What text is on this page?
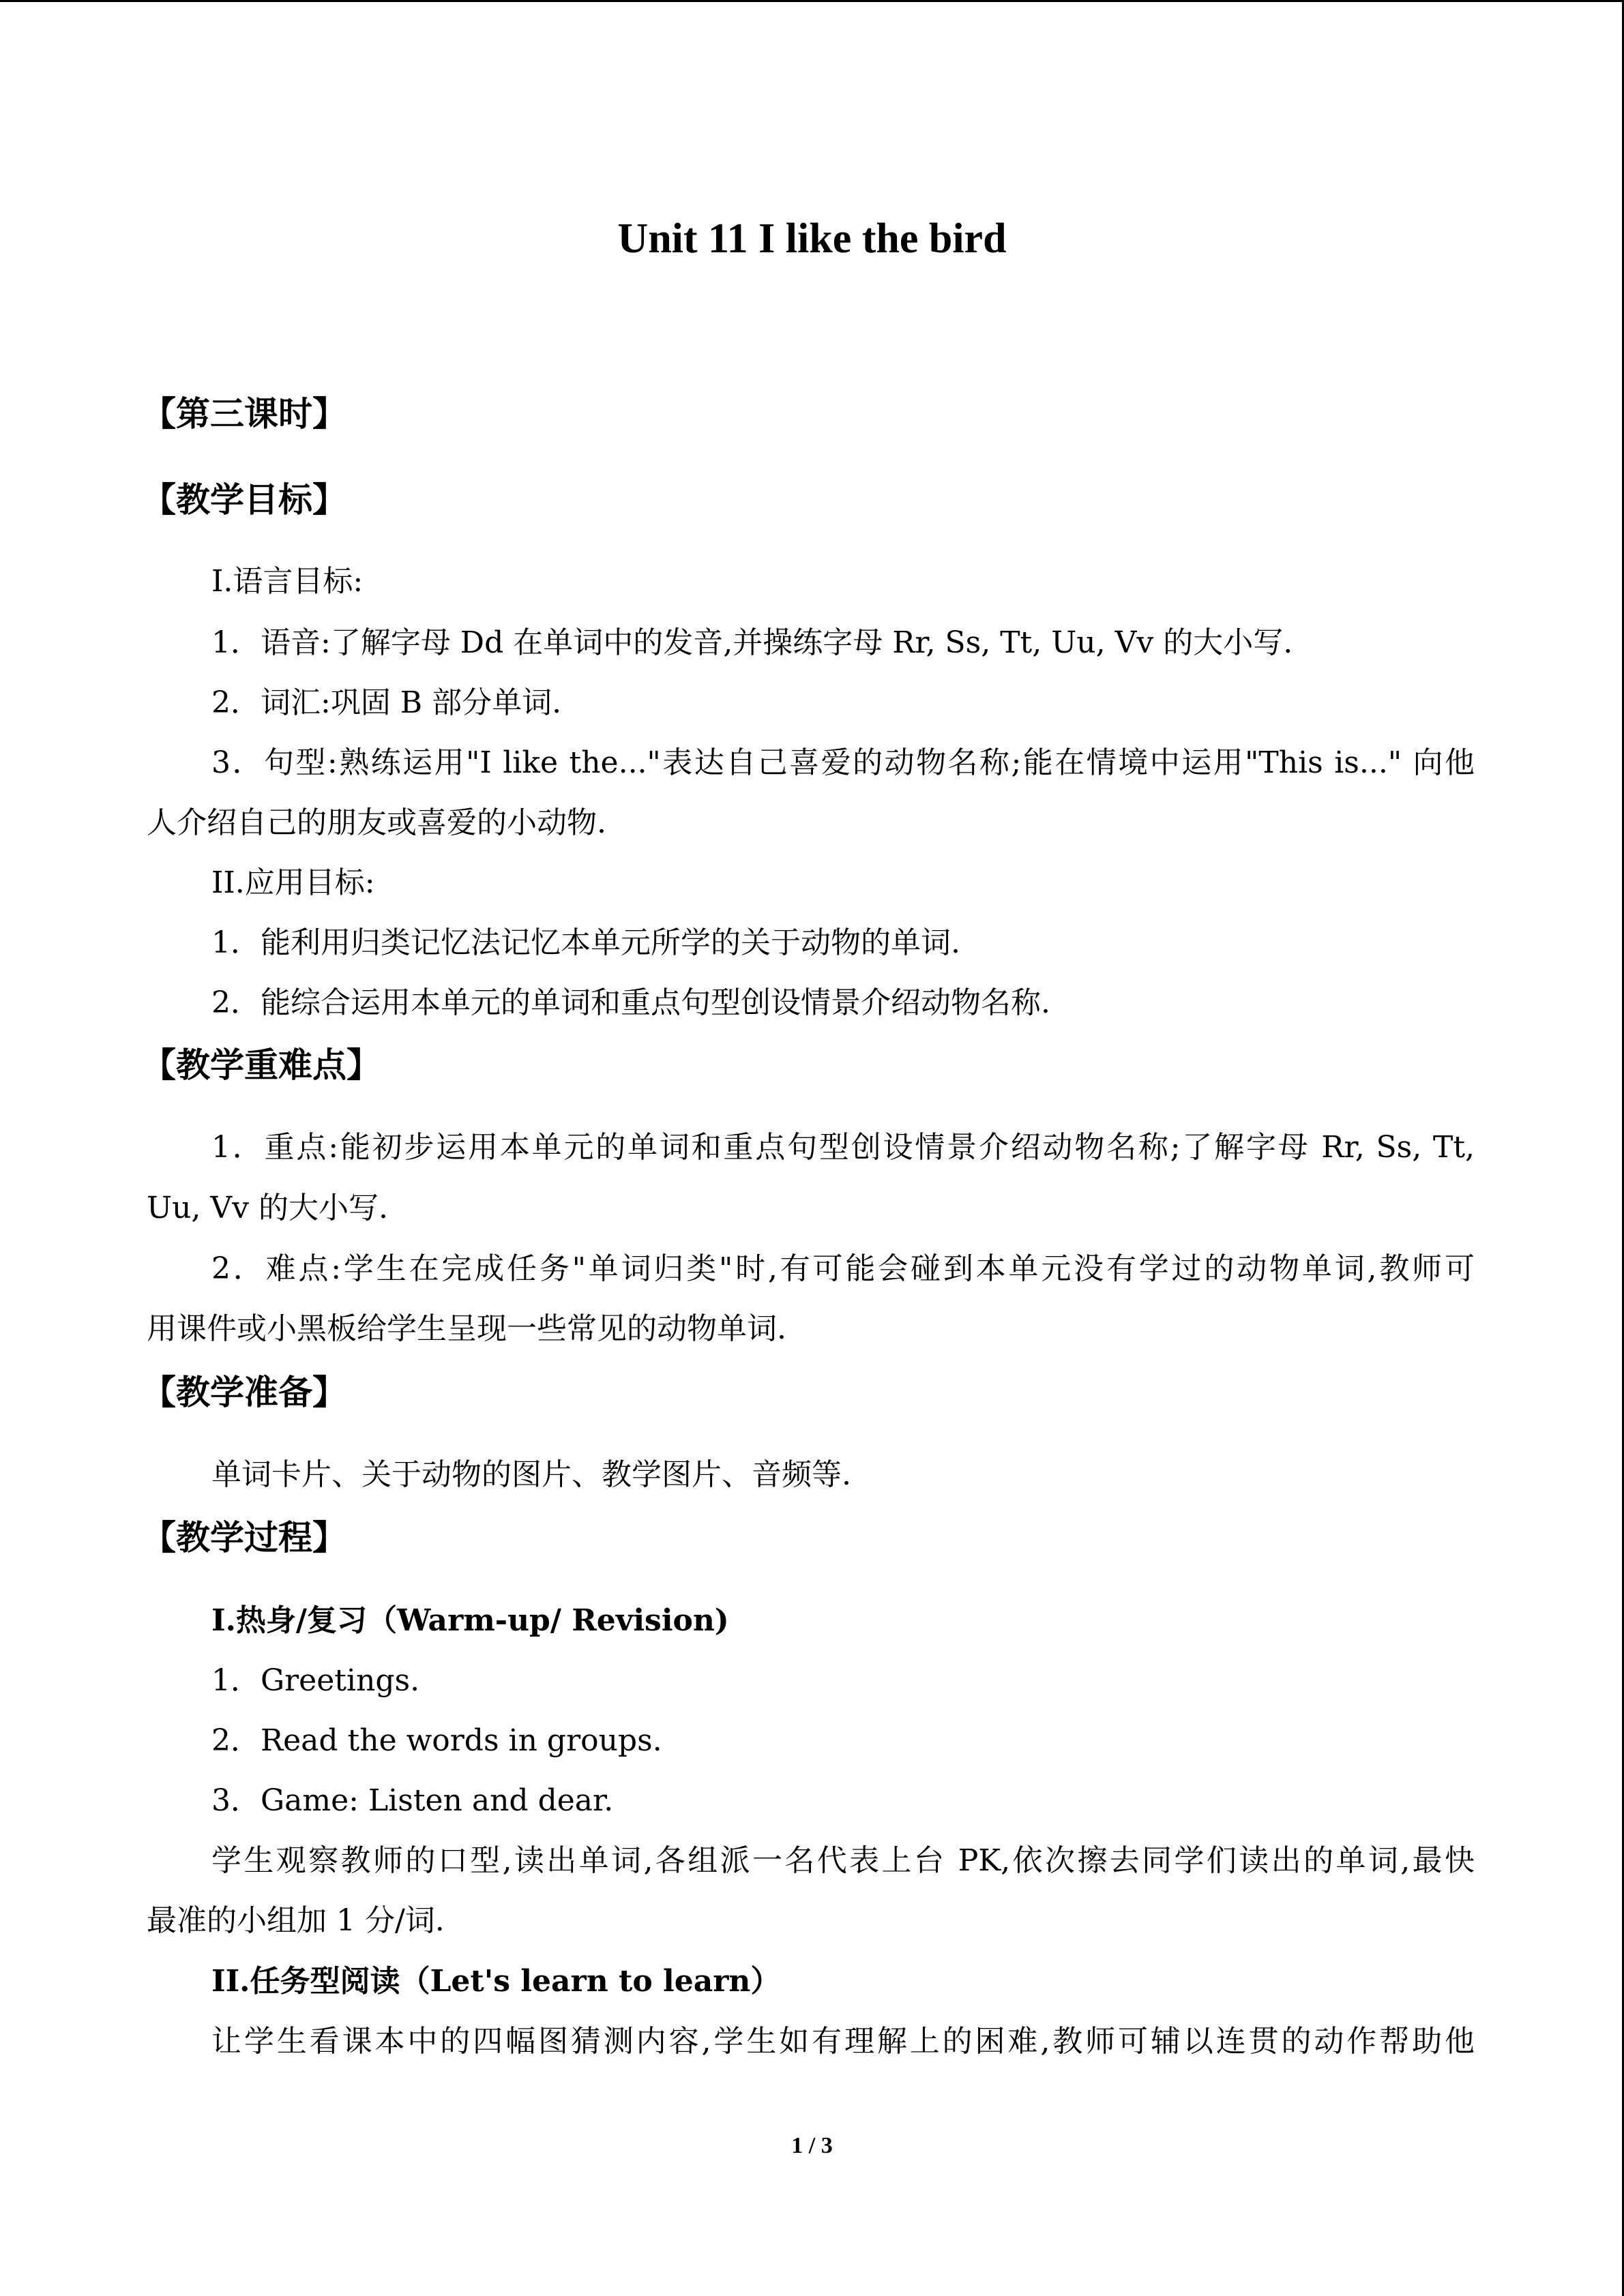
Unit 11 I like the bird
【第三课时】
【教学目标】
I.语言目标:
1．语音:了解字母 Dd 在单词中的发音,并操练字母 Rr, Ss, Tt, Uu, Vv 的大小写.
2．词汇:巩固 B 部分单词.
3．句型:熟练运用"I like the..."表达自己喜爱的动物名称;能在情境中运用"This is..." 向他
人介绍自己的朋友或喜爱的小动物.
II.应用目标:
1．能利用归类记忆法记忆本单元所学的关于动物的单词.
2．能综合运用本单元的单词和重点句型创设情景介绍动物名称.
【教学重难点】
1．重点:能初步运用本单元的单词和重点句型创设情景介绍动物名称;了解字母 Rr, Ss, Tt,
Uu, Vv 的大小写.
2．难点:学生在完成任务"单词归类"时,有可能会碰到本单元没有学过的动物单词,教师可
用课件或小黑板给学生呈现一些常见的动物单词.
【教学准备】
单词卡片、关于动物的图片、教学图片、音频等.
【教学过程】
I.热身/复习（Warm-up/ Revision)
1．Greetings.
2．Read the words in groups.
3．Game: Listen and dear.
学生观察教师的口型,读出单词,各组派一名代表上台 PK,依次擦去同学们读出的单词,最快
最准的小组加 1 分/词.
II.任务型阅读（Let's learn to learn）
让学生看课本中的四幅图猜测内容,学生如有理解上的困难,教师可辅以连贯的动作帮助他
1 / 3
